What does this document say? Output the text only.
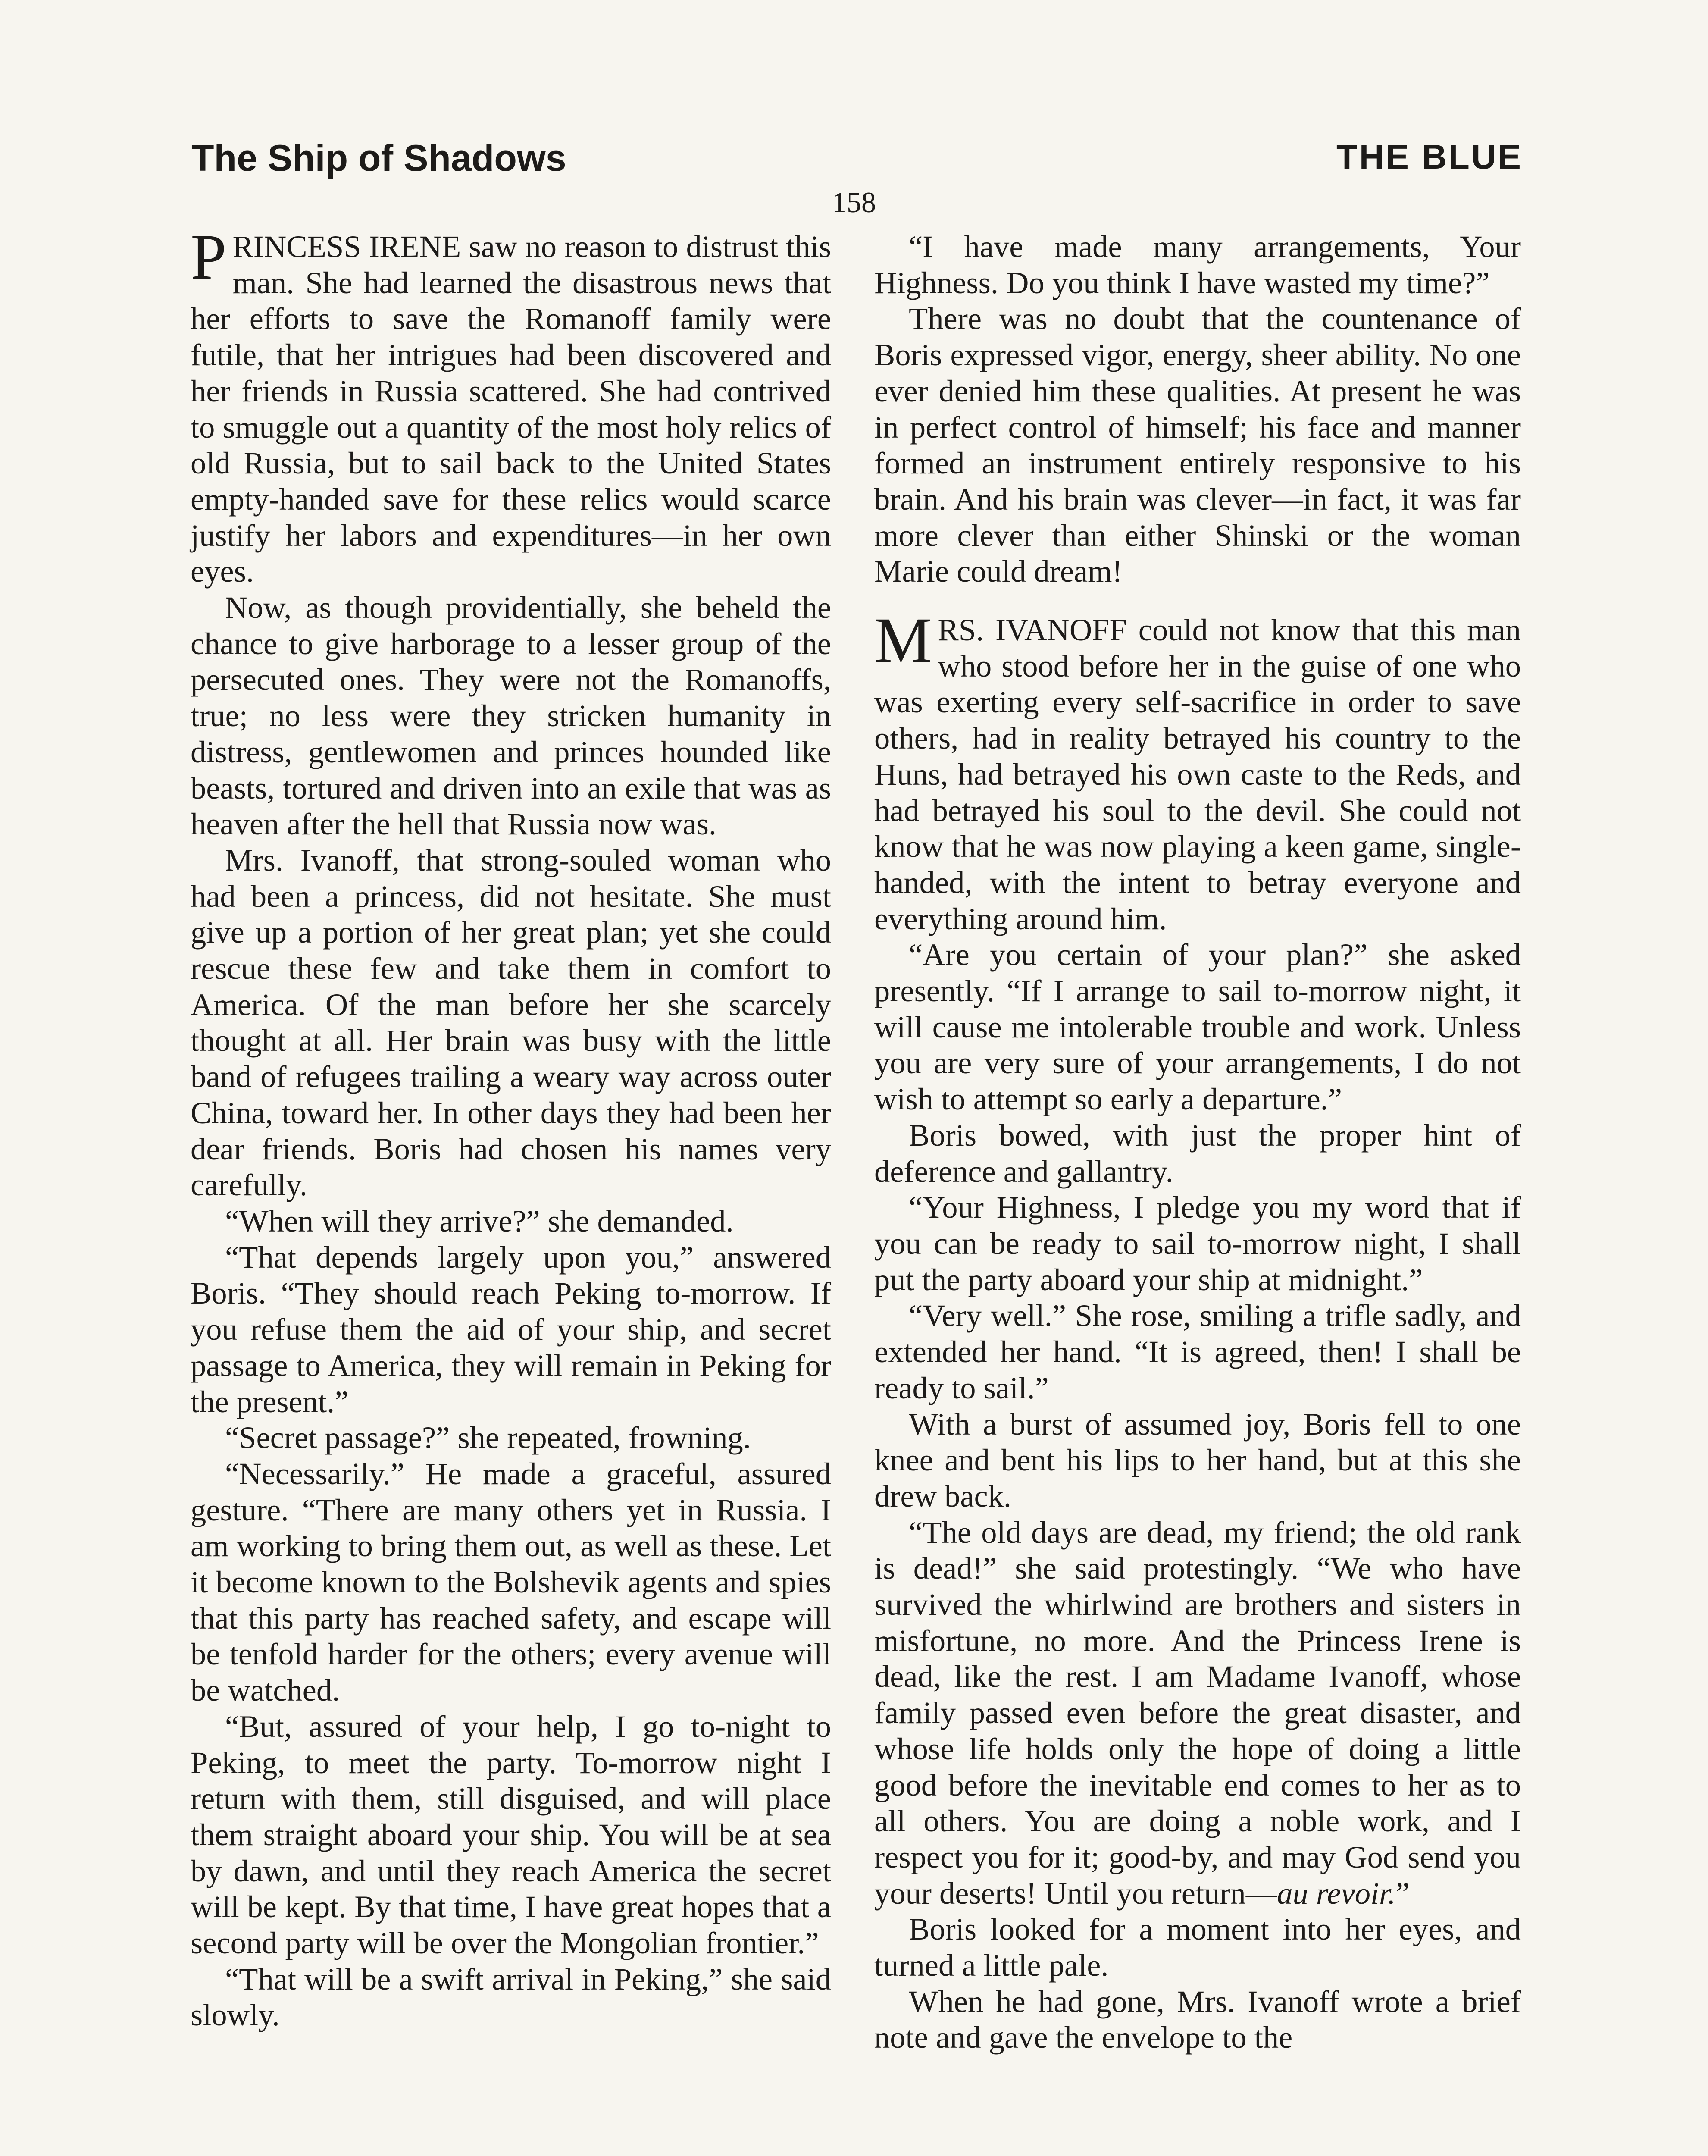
The Ship of Shadows	THE BLUE
158

PRINCESS IRENE saw no reason to distrust this man. She had learned the disastrous news that her efforts to save the Romanoff family were futile, that her intrigues had been discovered and her friends in Russia scattered. She had contrived to smuggle out a quantity of the most holy relics of old Russia, but to sail back to the United States empty-handed save for these relics would scarce justify her labors and expenditures—in her own eyes.

Now, as though providentially, she beheld the chance to give harborage to a lesser group of the persecuted ones. They were not the Romanoffs, true; no less were they stricken humanity in distress, gentlewomen and princes hounded like beasts, tortured and driven into an exile that was as heaven after the hell that Russia now was.

Mrs. Ivanoff, that strong-souled woman who had been a princess, did not hesitate. She must give up a portion of her great plan; yet she could rescue these few and take them in comfort to America. Of the man before her she scarcely thought at all. Her brain was busy with the little band of refugees trailing a weary way across outer China, toward her. In other days they had been her dear friends. Boris had chosen his names very carefully.

“When will they arrive?” she demanded.

“That depends largely upon you,” answered Boris. “They should reach Peking to-morrow. If you refuse them the aid of your ship, and secret passage to America, they will remain in Peking for the present.”

“Secret passage?” she repeated, frowning.

“Necessarily.” He made a graceful, assured gesture. “There are many others yet in Russia. I am working to bring them out, as well as these. Let it become known to the Bolshevik agents and spies that this party has reached safety, and escape will be tenfold harder for the others; every avenue will be watched.

“But, assured of your help, I go to-night to Peking, to meet the party. To-morrow night I return with them, still disguised, and will place them straight aboard your ship. You will be at sea by dawn, and until they reach America the secret will be kept. By that time, I have great hopes that a second party will be over the Mongolian frontier.”

“That will be a swift arrival in Peking,” she said slowly.

“I have made many arrangements, Your Highness. Do you think I have wasted my time?”

There was no doubt that the countenance of Boris expressed vigor, energy, sheer ability. No one ever denied him these qualities. At present he was in perfect control of himself; his face and manner formed an instrument entirely responsive to his brain. And his brain was clever—in fact, it was far more clever than either Shinski or the woman Marie could dream!

MRS. IVANOFF could not know that this man who stood before her in the guise of one who was exerting every self-sacrifice in order to save others, had in reality betrayed his country to the Huns, had betrayed his own caste to the Reds, and had betrayed his soul to the devil. She could not know that he was now playing a keen game, single-handed, with the intent to betray everyone and everything around him.

“Are you certain of your plan?” she asked presently. “If I arrange to sail to-morrow night, it will cause me intolerable trouble and work. Unless you are very sure of your arrangements, I do not wish to attempt so early a departure.”

Boris bowed, with just the proper hint of deference and gallantry.

“Your Highness, I pledge you my word that if you can be ready to sail to-morrow night, I shall put the party aboard your ship at midnight.”

“Very well.” She rose, smiling a trifle sadly, and extended her hand. “It is agreed, then! I shall be ready to sail.”

With a burst of assumed joy, Boris fell to one knee and bent his lips to her hand, but at this she drew back.

“The old days are dead, my friend; the old rank is dead!” she said protestingly. “We who have survived the whirlwind are brothers and sisters in misfortune, no more. And the Princess Irene is dead, like the rest. I am Madame Ivanoff, whose family passed even before the great disaster, and whose life holds only the hope of doing a little good before the inevitable end comes to her as to all others. You are doing a noble work, and I respect you for it; good-by, and may God send you your deserts! Until you return—au revoir.”

Boris looked for a moment into her eyes, and turned a little pale.

When he had gone, Mrs. Ivanoff wrote a brief note and gave the envelope to the
